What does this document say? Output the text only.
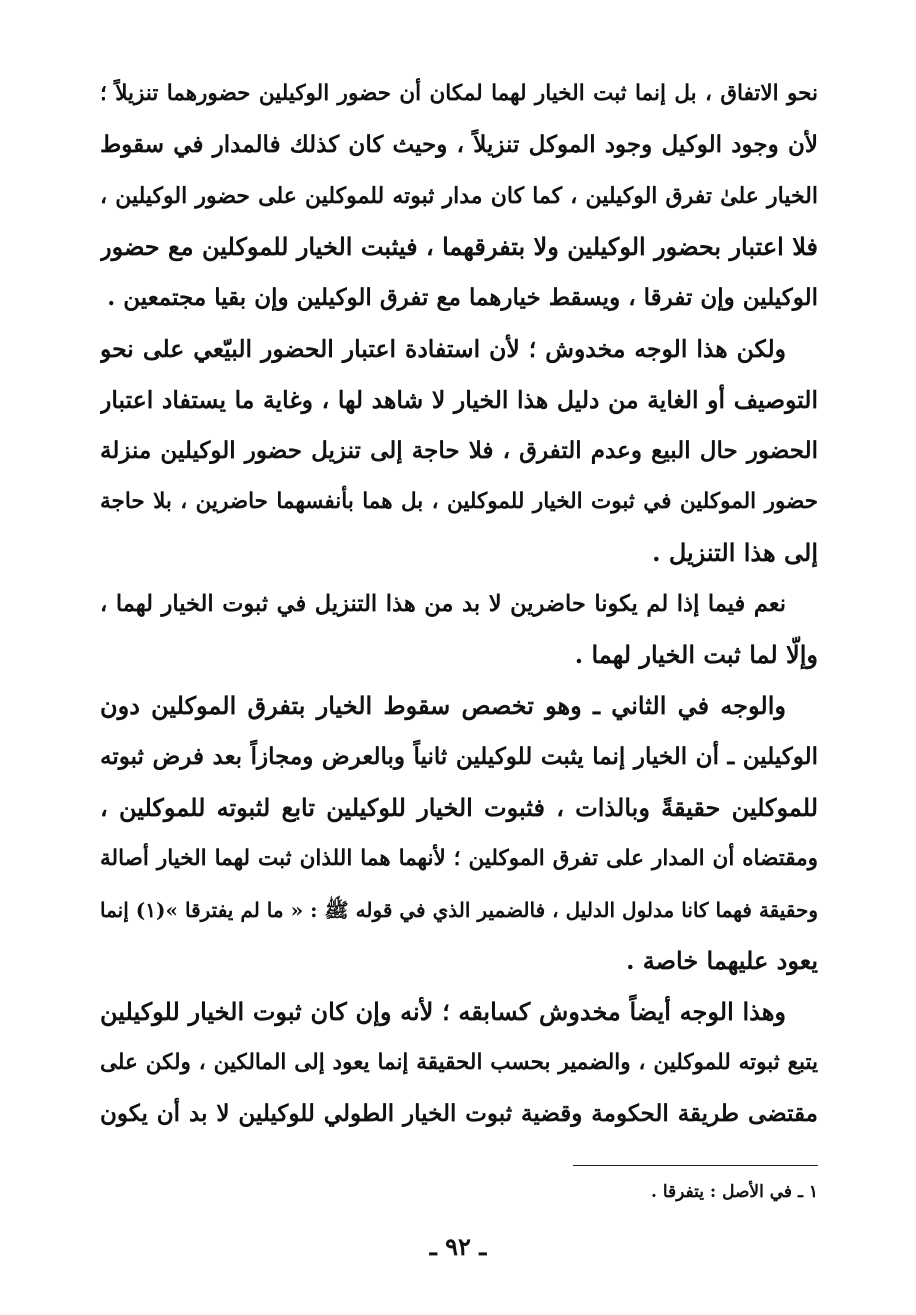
نحو الاتفاق ، بل إنما ثبت الخيار لهما لمكان أن حضور الوكيلين حضورهما تنزيلاً ؛
لأن وجود الوكيل وجود الموكل تنزيلاً ، وحيث كان كذلك فالمدار في سقوط
الخيار علىٰ تفرق الوكيلين ، كما كان مدار ثبوته للموكلين على حضور الوكيلين ،
فلا اعتبار بحضور الوكيلين ولا بتفرقهما ، فيثبت الخيار للموكلين مع حضور
الوكيلين وإن تفرقا ، ويسقط خيارهما مع تفرق الوكيلين وإن بقيا مجتمعين .
ولكن هذا الوجه مخدوش ؛ لأن استفادة اعتبار الحضور البيّعي على نحو
التوصيف أو الغاية من دليل هذا الخيار لا شاهد لها ، وغاية ما يستفاد اعتبار
الحضور حال البيع وعدم التفرق ، فلا حاجة إلى تنزيل حضور الوكيلين منزلة
حضور الموكلين في ثبوت الخيار للموكلين ، بل هما بأنفسهما حاضرين ، بلا حاجة
إلى هذا التنزيل .
نعم فيما إذا لم يكونا حاضرين لا بد من هذا التنزيل في ثبوت الخيار لهما ،
وإلّا لما ثبت الخيار لهما .
والوجه في الثاني ـ وهو تخصص سقوط الخيار بتفرق الموكلين دون
الوكيلين ـ أن الخيار إنما يثبت للوكيلين ثانياً وبالعرض ومجازاً بعد فرض ثبوته
للموكلين حقيقةً وبالذات ، فثبوت الخيار للوكيلين تابع لثبوته للموكلين ،
ومقتضاه أن المدار على تفرق الموكلين ؛ لأنهما هما اللذان ثبت لهما الخيار أصالة
وحقيقة فهما كانا مدلول الدليل ، فالضمير الذي في قوله ﷺ : « ما لم يفترقا »(١) إنما
يعود عليهما خاصة .
وهذا الوجه أيضاً مخدوش كسابقه ؛ لأنه وإن كان ثبوت الخيار للوكيلين
يتبع ثبوته للموكلين ، والضمير بحسب الحقيقة إنما يعود إلى المالكين ، ولكن على
مقتضى طريقة الحكومة وقضية ثبوت الخيار الطولي للوكيلين لا بد أن يكون
١ ـ في الأصل : يتفرقا .
ـ ٩٢ ـ
